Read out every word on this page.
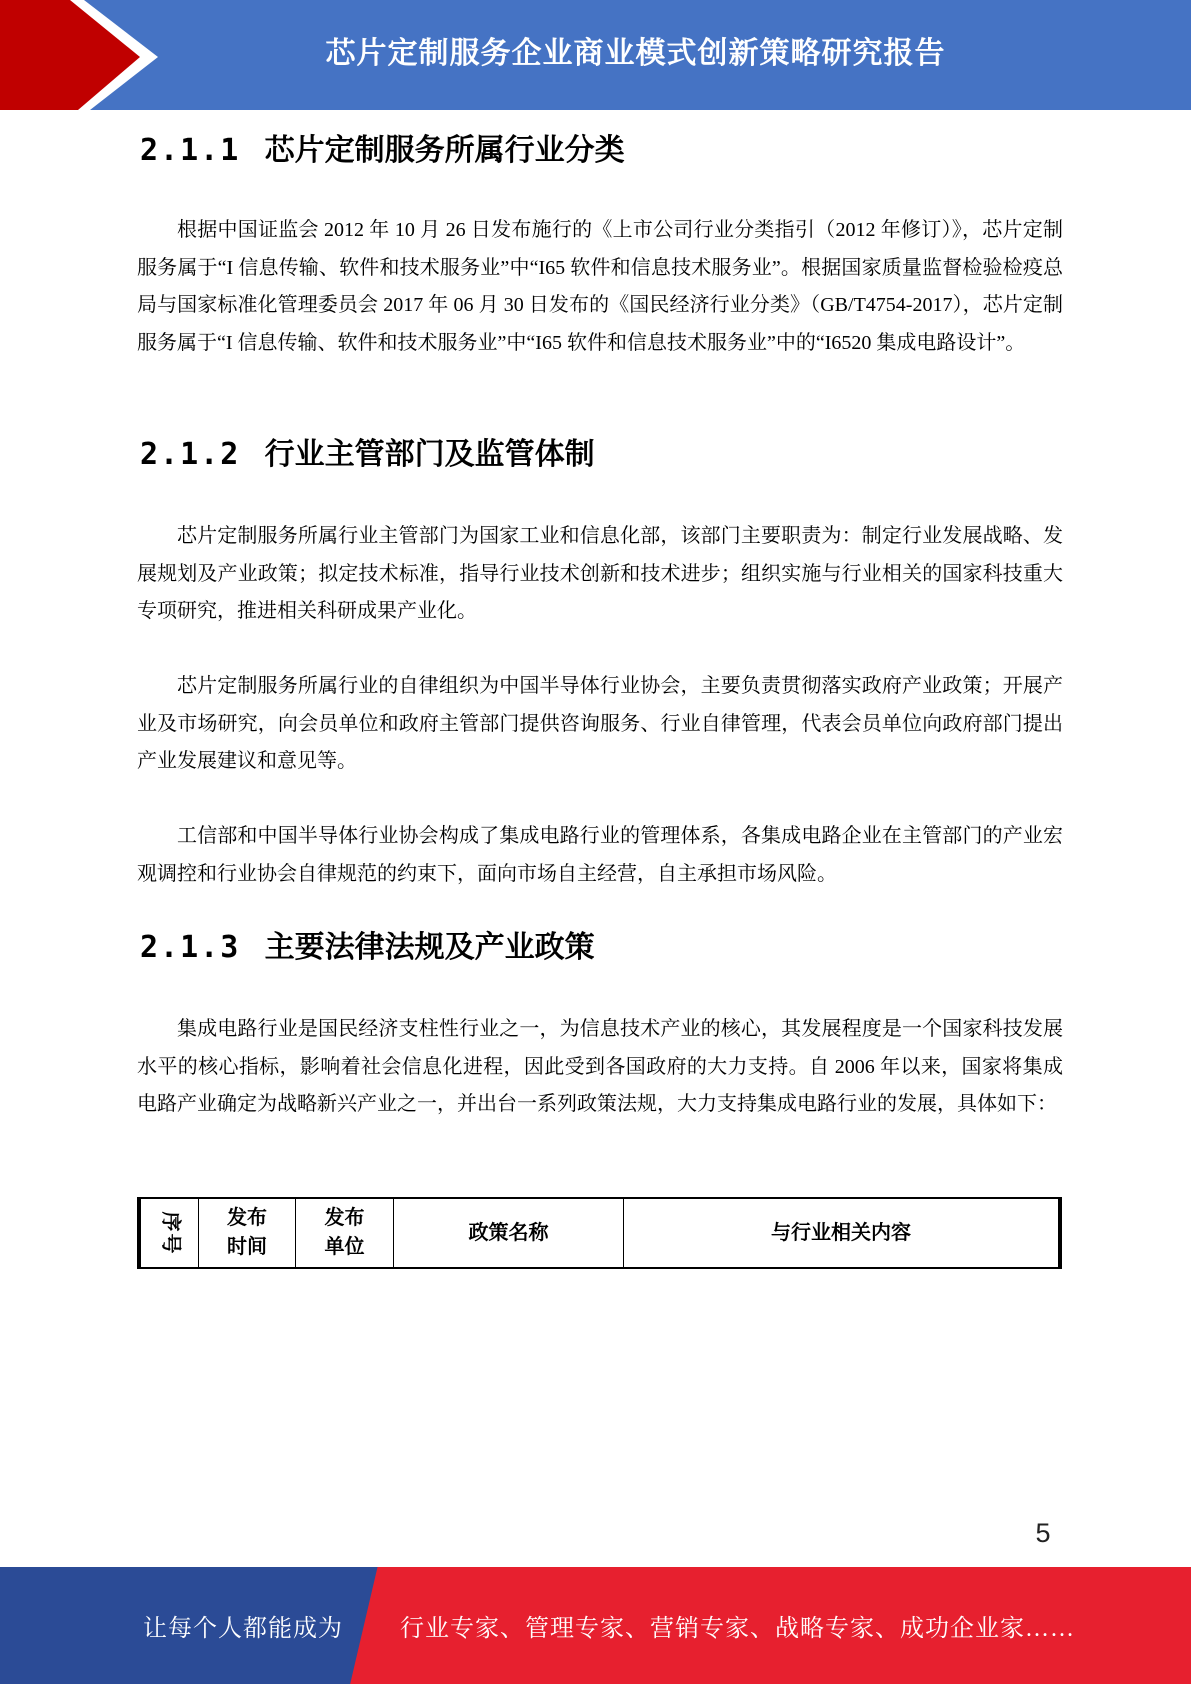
芯片定制服务企业商业模式创新策略研究报告
2.1.1 芯片定制服务所属行业分类

根据中国证监会 2012 年 10 月 26 日发布施行的《上市公司行业分类指引（2012 年修订）》，芯片定制服务属于“I 信息传输、软件和技术服务业”中“I65 软件和信息技术服务业”。根据国家质量监督检验检疫总局与国家标准化管理委员会 2017 年 06 月 30 日发布的《国民经济行业分类》（GB/T4754-2017），芯片定制服务属于“I 信息传输、软件和技术服务业”中“I65 软件和信息技术服务业”中的“I6520 集成电路设计”。

2.1.2 行业主管部门及监管体制

芯片定制服务所属行业主管部门为国家工业和信息化部，该部门主要职责为：制定行业发展战略、发展规划及产业政策；拟定技术标准，指导行业技术创新和技术进步；组织实施与行业相关的国家科技重大专项研究，推进相关科研成果产业化。

芯片定制服务所属行业的自律组织为中国半导体行业协会，主要负责贯彻落实政府产业政策；开展产业及市场研究，向会员单位和政府主管部门提供咨询服务、行业自律管理，代表会员单位向政府部门提出产业发展建议和意见等。

工信部和中国半导体行业协会构成了集成电路行业的管理体系，各集成电路企业在主管部门的产业宏观调控和行业协会自律规范的约束下，面向市场自主经营，自主承担市场风险。

2.1.3 主要法律法规及产业政策

集成电路行业是国民经济支柱性行业之一，为信息技术产业的核心，其发展程度是一个国家科技发展水平的核心指标，影响着社会信息化进程，因此受到各国政府的大力支持。自 2006 年以来，国家将集成电路产业确定为战略新兴产业之一，并出台一系列政策法规，大力支持集成电路行业的发展，具体如下：

序号 发布
时间
发布
单位
政策名称	与行业相关内容
5
让每个人都能成为 行业专家、管理专家、营销专家、战略专家、成功企业家……
